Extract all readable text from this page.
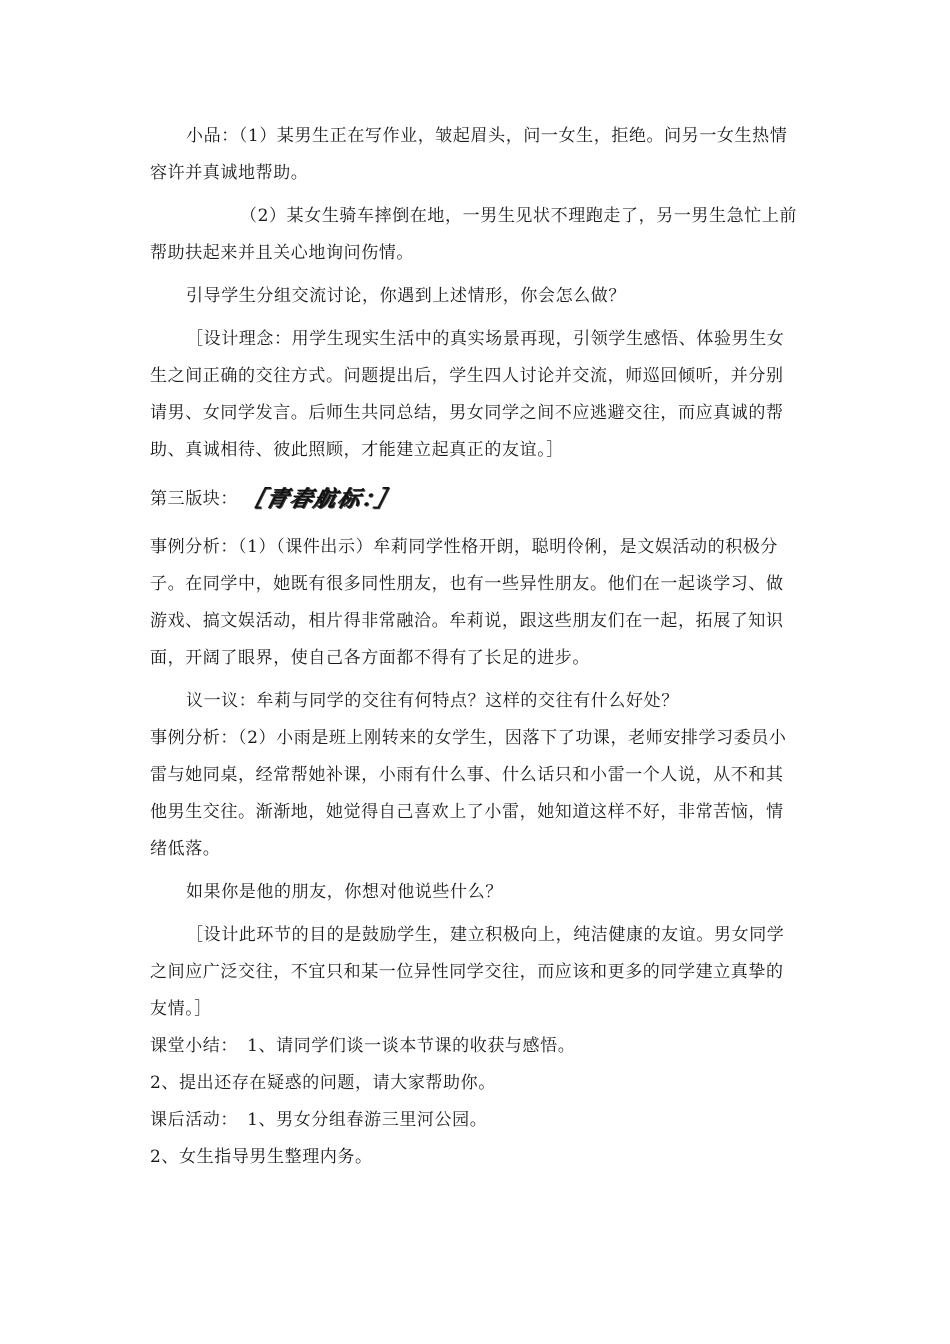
小品：（1）某男生正在写作业，皱起眉头，问一女生，拒绝。问另一女生热情容许并真诚地帮助。

（2）某女生骑车摔倒在地，一男生见状不理跑走了，另一男生急忙上前帮助扶起来并且关心地询问伤情。

引导学生分组交流讨论，你遇到上述情形，你会怎么做？

［设计理念：用学生现实生活中的真实场景再现，引领学生感悟、体验男生女生之间正确的交往方式。问题提出后，学生四人讨论并交流，师巡回倾听，并分别请男、女同学发言。后师生共同总结，男女同学之间不应逃避交往，而应真诚的帮助、真诚相待、彼此照顾，才能建立起真正的友谊。］

第三版块： ［青春航标：］

事例分析：（1）（课件出示）牟莉同学性格开朗，聪明伶俐，是文娱活动的积极分子。在同学中，她既有很多同性朋友，也有一些异性朋友。他们在一起谈学习、做游戏、搞文娱活动，相片得非常融洽。牟莉说，跟这些朋友们在一起，拓展了知识面，开阔了眼界，使自己各方面都不得有了长足的进步。

议一议：牟莉与同学的交往有何特点？这样的交往有什么好处？

事例分析：（2）小雨是班上刚转来的女学生，因落下了功课，老师安排学习委员小雷与她同桌，经常帮她补课，小雨有什么事、什么话只和小雷一个人说，从不和其他男生交往。渐渐地，她觉得自己喜欢上了小雷，她知道这样不好，非常苦恼，情绪低落。

如果你是他的朋友，你想对他说些什么？

［设计此环节的目的是鼓励学生，建立积极向上，纯洁健康的友谊。男女同学之间应广泛交往，不宜只和某一位异性同学交往，而应该和更多的同学建立真挚的友情。］

课堂小结：　1、请同学们谈一谈本节课的收获与感悟。

2、提出还存在疑惑的问题，请大家帮助你。

课后活动：　1、男女分组春游三里河公园。

2、女生指导男生整理内务。
